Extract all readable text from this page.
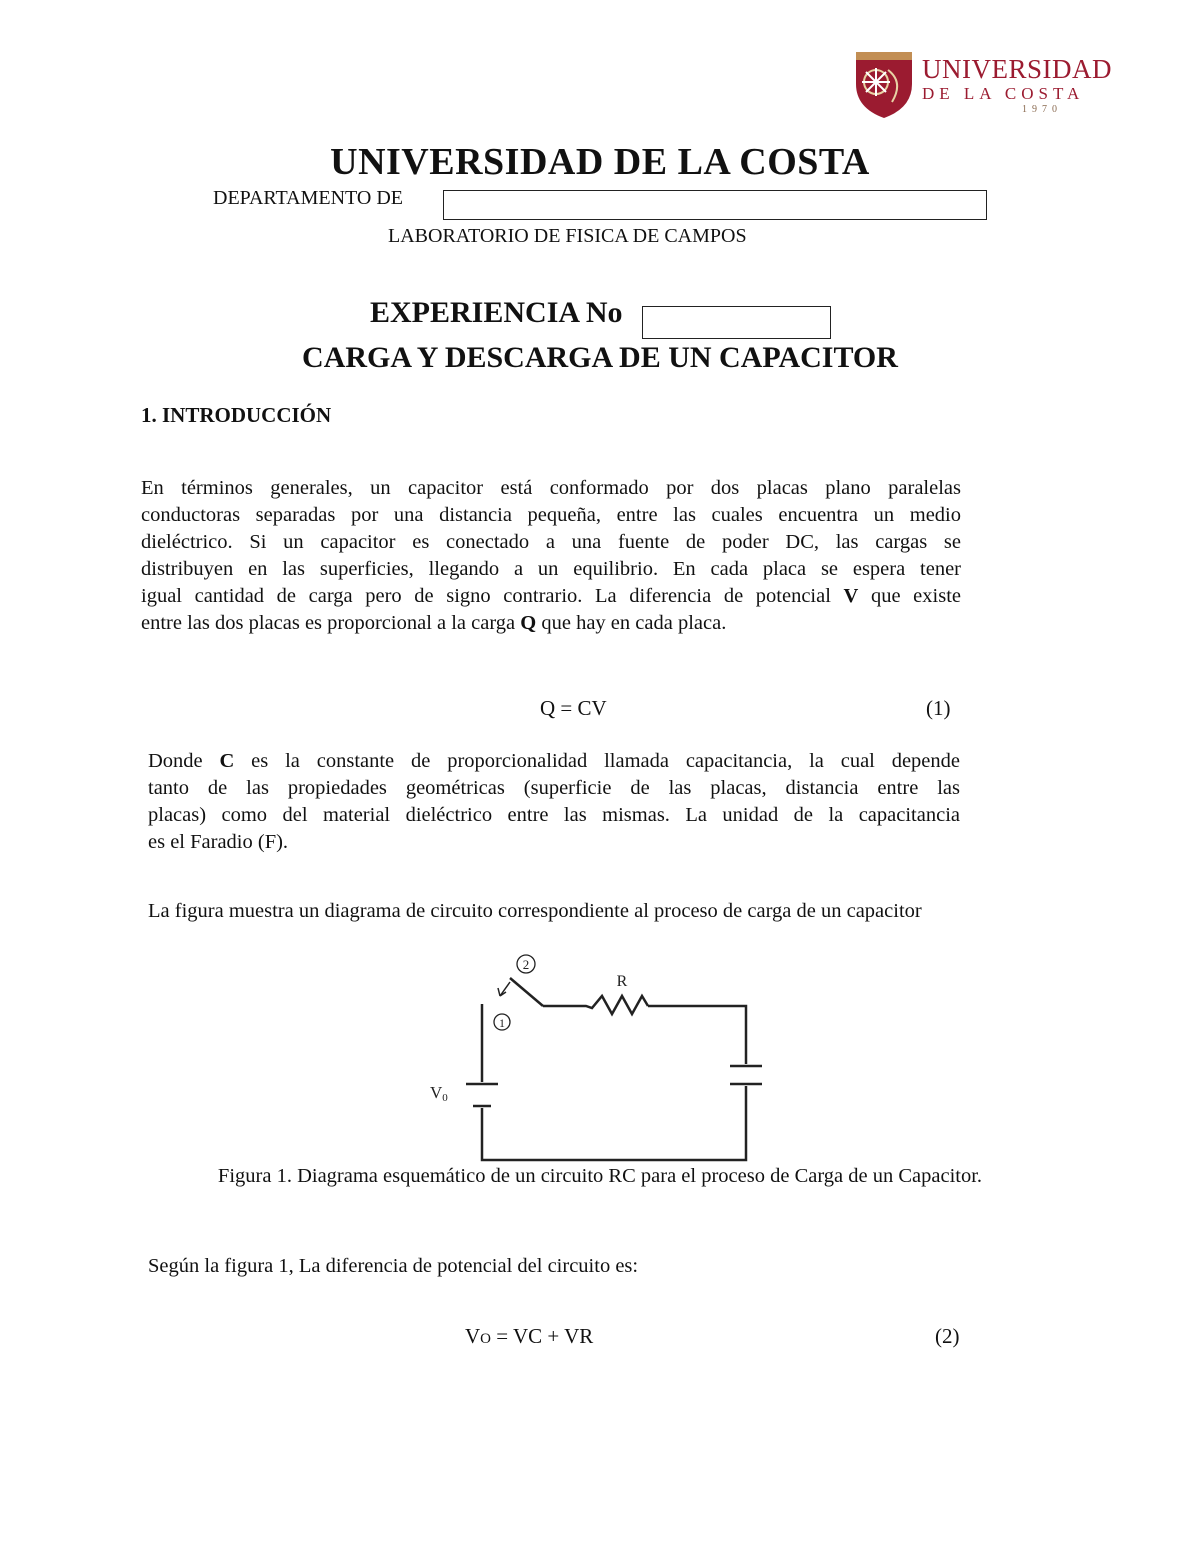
UNIVERSIDAD
DE LA COSTA
1970
UNIVERSIDAD DE LA COSTA
DEPARTAMENTO DE
LABORATORIO DE FISICA DE CAMPOS
EXPERIENCIA No
CARGA Y DESCARGA DE UN CAPACITOR
1. INTRODUCCIÓN
En términos generales, un capacitor está conformado por dos placas plano paralelas
conductoras separadas por una distancia pequeña, entre las cuales encuentra un medio
dieléctrico. Si un capacitor es conectado a una fuente de poder DC, las cargas se
distribuyen en las superficies, llegando a un equilibrio. En cada placa se espera tener
igual cantidad de carga pero de signo contrario. La diferencia de potencial V que existe
entre las dos placas es proporcional a la carga Q que hay en cada placa.
Q = CV	(1)
Donde C es la constante de proporcionalidad llamada capacitancia, la cual depende
tanto de las propiedades geométricas (superficie de las placas, distancia entre las
placas) como del material dieléctrico entre las mismas. La unidad de la capacitancia
es el Faradio (F).
La figura muestra un diagrama de circuito correspondiente al proceso de carga de un capacitor
2
1
R
V0
Figura 1. Diagrama esquemático de un circuito RC para el proceso de Carga de un Capacitor.
Según la figura 1, La diferencia de potencial del circuito es:
VO = VC + VR	(2)
